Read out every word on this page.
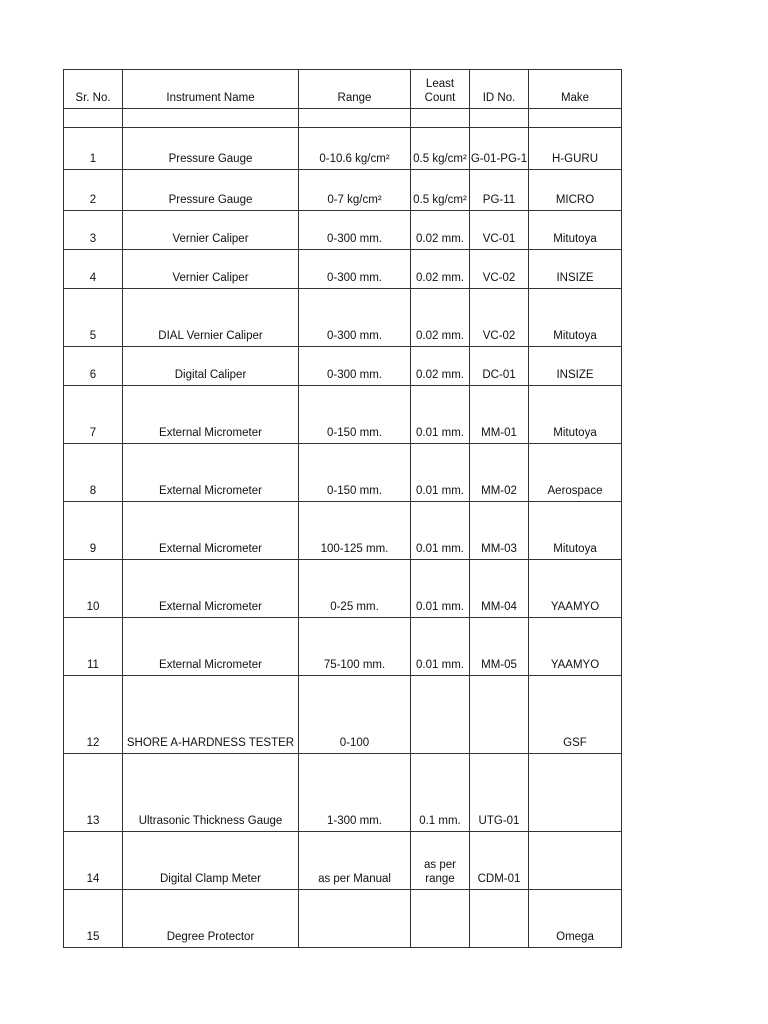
Sr. No.	Instrument Name	Range	Least Count	ID No.	Make

1	Pressure Gauge	0-10.6 kg/cm²	0.5 kg/cm²	G-01-PG-1	H-GURU
2	Pressure Gauge	0-7 kg/cm²	0.5 kg/cm²	PG-11	MICRO
3	Vernier Caliper	0-300 mm.	0.02 mm.	VC-01	Mitutoya
4	Vernier Caliper	0-300 mm.	0.02 mm.	VC-02	INSIZE
5	DIAL Vernier Caliper	0-300 mm.	0.02 mm.	VC-02	Mitutoya
6	Digital Caliper	0-300 mm.	0.02 mm.	DC-01	INSIZE
7	External Micrometer	0-150 mm.	0.01 mm.	MM-01	Mitutoya
8	External Micrometer	0-150 mm.	0.01 mm.	MM-02	Aerospace
9	External Micrometer	100-125 mm.	0.01 mm.	MM-03	Mitutoya
10	External Micrometer	0-25 mm.	0.01 mm.	MM-04	YAAMYO
11	External Micrometer	75-100 mm.	0.01 mm.	MM-05	YAAMYO
12	SHORE A-HARDNESS TESTER	0-100			GSF
13	Ultrasonic Thickness Gauge	1-300 mm.	0.1 mm.	UTG-01	
14	Digital Clamp Meter	as per Manual	as per range	CDM-01	
15	Degree Protector				Omega
